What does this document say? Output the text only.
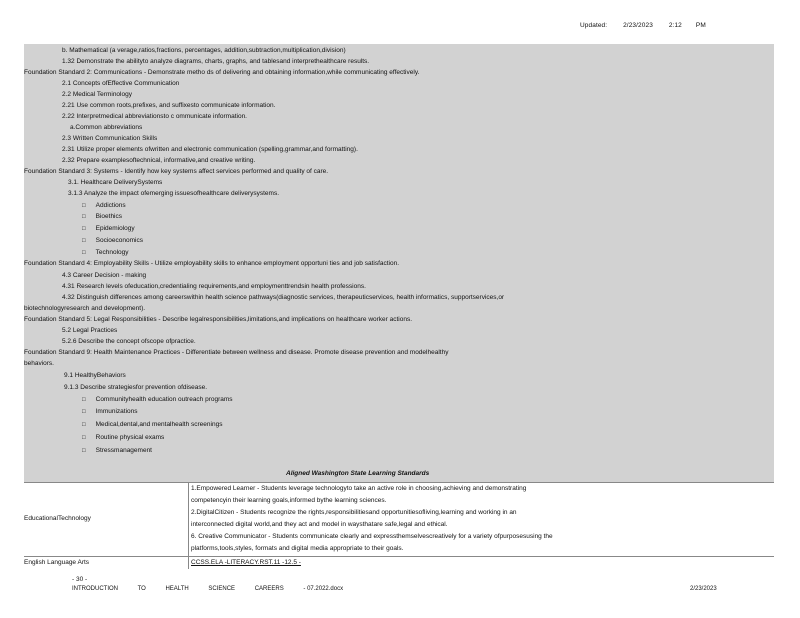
Updated: 2/23/2023 2:12 PM
b. Mathematical (a verage,ratios,fractions, percentages, addition,subtraction,multiplication,division)
1.32 Demonstrate the abilityto analyze diagrams, charts, graphs, and tablesand interprethealthcare results.
Foundation Standard 2: Communications - Demonstrate metho ds of delivering and obtaining information,while communicating effectively.
2.1 Concepts ofEffective Communication
2.2 Medical Terminology
2.21 Use common roots,prefixes, and suffixesto communicate information.
2.22 Interpretmedical abbreviationsto c ommunicate information.
a.Common abbreviations
2.3 Written Communication Skills
2.31 Utilize proper elements ofwritten and electronic communication (spelling,grammar,and formatting).
2.32 Prepare examplesoftechnical, informative,and creative writing.
Foundation Standard 3: Systems - Identify how key systems affect services performed and quality of care.
3.1. Healthcare DeliverySystems
3.1.3 Analyze the impact ofemerging issuesofhealthcare deliverysystems.
□ Addictions
□ Bioethics
□ Epidemiology
□ Socioeconomics
□ Technology
Foundation Standard 4: Employability Skills - Utilize employability skills to enhance employment opportuni ties and job satisfaction.
4.3 Career Decision - making
4.31 Research levels ofeducation,credentialing requirements,and employmenttrendsin health professions.
4.32 Distinguish differences among careerswithin health science pathways(diagnostic services, therapeuticservices, health informatics, supportservices,or
biotechnologyresearch and development).
Foundation Standard 5: Legal Responsibilities - Describe legalresponsibilities,limitations,and implications on healthcare worker actions.
5.2 Legal Practices
5.2.6 Describe the concept ofscope ofpractice.
Foundation Standard 9: Health Maintenance Practices - Differentiate between wellness and disease. Promote disease prevention and modelhealthy
behaviors.
9.1 HealthyBehaviors
9.1.3 Describe strategiesfor prevention ofdisease.
□ Communityhealth education outreach programs
□ Immunizations
□ Medical,dental,and mentalhealth screenings
□ Routine physical exams
□ Stressmanagement
Aligned Washington State Learning Standards
EducationalTechnology
1.Empowered Learner - Students leverage technologyto take an active role in choosing,achieving and demonstrating
competencyin their learning goals,informed bythe learning sciences.
2.DigitalCitizen - Students recognize the rights,responsibilitiesand opportunitiesofliving,learning and working in an
interconnected digital world,and they act and model in waysthatare safe,legal and ethical.
6. Creative Communicator - Students communicate clearly and expressthemselvescreatively for a variety ofpurposesusing the
platforms,tools,styles, formats and digital media appropriate to their goals.
English Language Arts	CCSS.ELA -LITERACY.RST.11 -12.5 -
- 30 -
INTRODUCTION	TO	HEALTH	SCIENCE	CAREERS	- 07.2022.docx	2/23/2023
